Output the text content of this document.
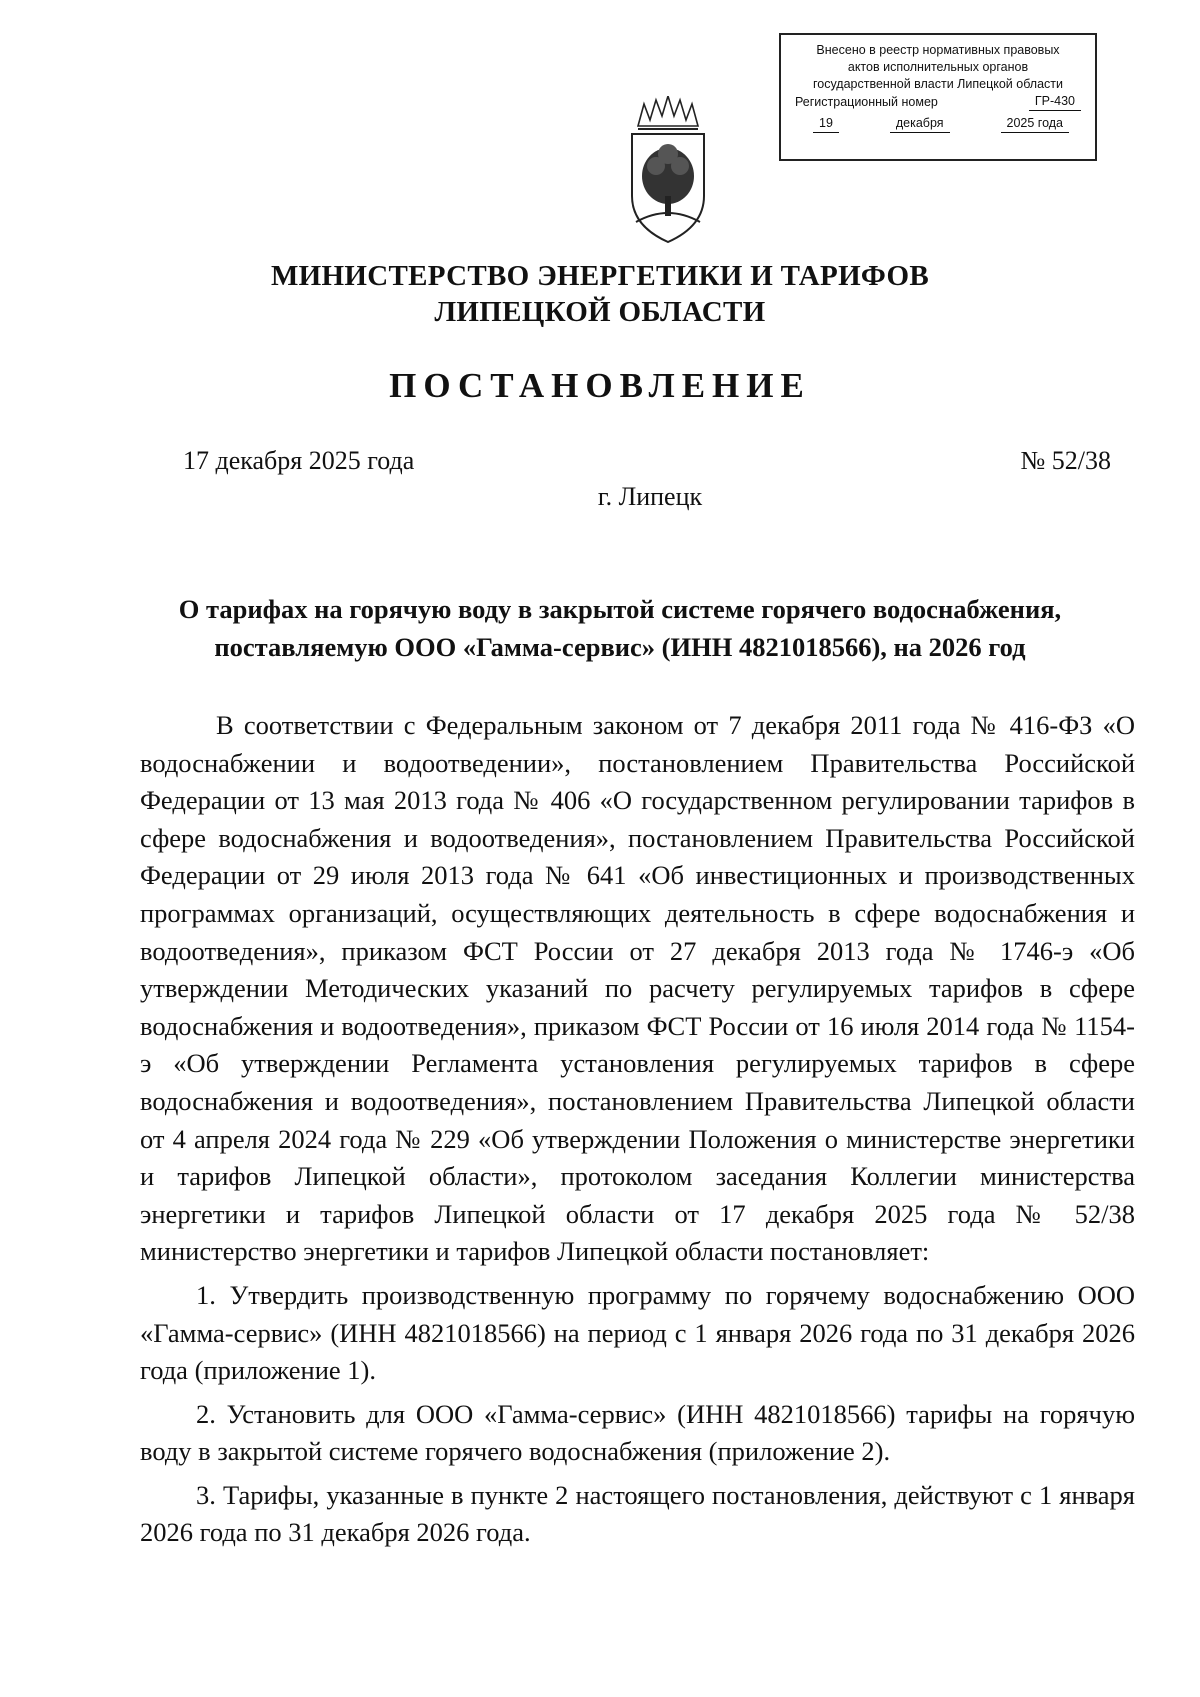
Внесено в реестр нормативных правовых
актов исполнительных органов
государственной власти Липецкой области
Регистрационный номер	ГР-430
19	декабря	2025 года
МИНИСТЕРСТВО ЭНЕРГЕТИКИ И ТАРИФОВ
ЛИПЕЦКОЙ ОБЛАСТИ
ПОСТАНОВЛЕНИЕ
17 декабря 2025 года	№ 52/38
г. Липецк
О тарифах на горячую воду в закрытой системе горячего водоснабжения,
поставляемую ООО «Гамма-сервис» (ИНН 4821018566), на 2026 год

В соответствии с Федеральным законом от 7 декабря 2011 года № 416-ФЗ «О водоснабжении и водоотведении», постановлением Правительства Российской Федерации от 13 мая 2013 года № 406 «О государственном регулировании тарифов в сфере водоснабжения и водоотведения», постановлением Правительства Российской Федерации от 29 июля 2013 года № 641 «Об инвестиционных и производственных программах организаций, осуществляющих деятельность в сфере водоснабжения и водоотведения», приказом ФСТ России от 27 декабря 2013 года № 1746-э «Об утверждении Методических указаний по расчету регулируемых тарифов в сфере водоснабжения и водоотведения», приказом ФСТ России от 16 июля 2014 года № 1154-э «Об утверждении Регламента установления регулируемых тарифов в сфере водоснабжения и водоотведения», постановлением Правительства Липецкой области от 4 апреля 2024 года № 229 «Об утверждении Положения о министерстве энергетики и тарифов Липецкой области», протоколом заседания Коллегии министерства энергетики и тарифов Липецкой области от 17 декабря 2025 года № 52/38 министерство энергетики и тарифов Липецкой области постановляет:

1. Утвердить производственную программу по горячему водоснабжению ООО «Гамма-сервис» (ИНН 4821018566) на период с 1 января 2026 года по 31 декабря 2026 года (приложение 1).

2. Установить для ООО «Гамма-сервис» (ИНН 4821018566) тарифы на горячую воду в закрытой системе горячего водоснабжения (приложение 2).

3. Тарифы, указанные в пункте 2 настоящего постановления, действуют с 1 января 2026 года по 31 декабря 2026 года.
